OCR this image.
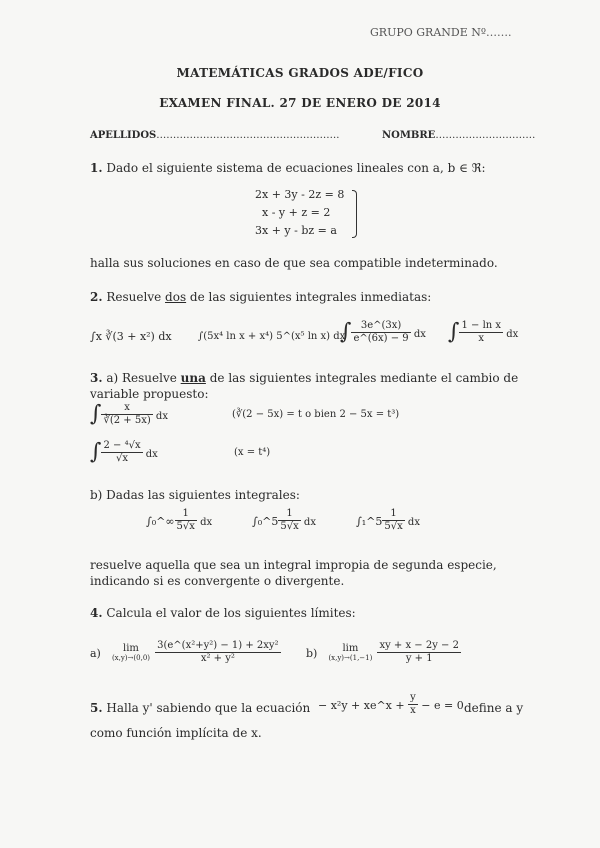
GRUPO GRANDE Nº…….
MATEMÁTICAS GRADOS ADE/FICO
EXAMEN FINAL. 27 DE ENERO DE 2014
APELLIDOS……………………………………………….	NOMBRE…………………………
1. Dado el siguiente sistema de ecuaciones lineales con a, b ∈ ℜ:
2x + 3y - 2z = 8
x - y + z = 2
3x + y - bz = a
halla sus soluciones en caso de que sea compatible indeterminado.
2. Resuelve dos de las siguientes integrales inmediatas:
∫x ∛(3 + x²) dx	∫(5x⁴ ln x + x⁴) 5^(x⁵ ln x) dx
∫ $\frac{3e\^{}(3x)}{e\^{}(6x) - 9}$ dx ∫ $\frac{\text{1 − ln x}}{x}$ dx
3. a) Resuelve una de las siguientes integrales mediante el cambio de
variable propuesto:
∫ $\frac{x}{∛(2 + 5x)}$ dx	(∛(2 − 5x) = t o bien 2 − 5x = t³)
∫ $\frac{\text{2 − ⁴√x}}{√x}$ dx	(x = t⁴)
b) Dadas las siguientes integrales:
∫₀^∞ $\frac{1}{5√x}$ dx	∫₀^5 $\frac{1}{5√x}$ dx	∫₁^5 $\frac{1}{5√x}$ dx
resuelve aquella que sea un integral impropia de segunda especie,
indicando si es convergente o divergente.
4. Calcula el valor de los siguientes límites:
a)	lim
(x,y)→(0,0)
$\frac{\text{3(e\textasciicircum{}(x²+y²) − 1) + 2xy²}}{\text{x² + y²}} b$)	lim
(x,y)→(1,−1)
$\frac{xy + x - 2y - 2}{y + 1}$
5. Halla y' sabiendo que la ecuación − x²y + xe^x + $\frac{y}{x} - e = 0$ define a y
como función implícita de x.
